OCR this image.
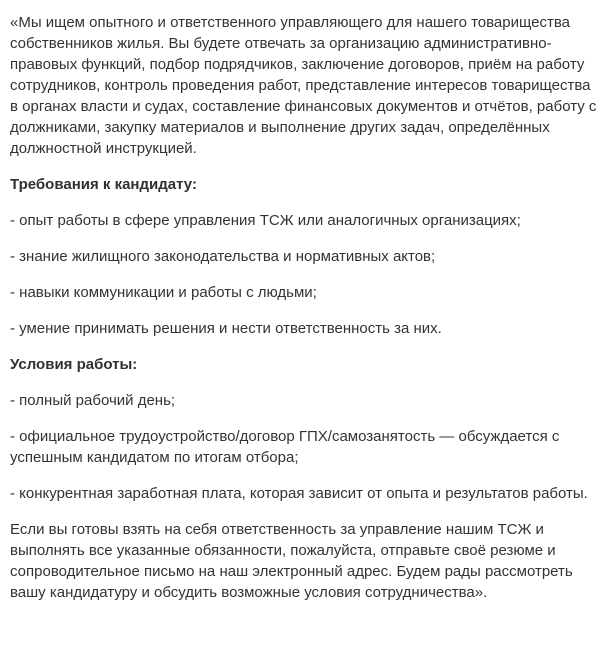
«Мы ищем опытного и ответственного управляющего для нашего товарищества собственников жилья. Вы будете отвечать за организацию административно-правовых функций, подбор подрядчиков, заключение договоров, приём на работу сотрудников, контроль проведения работ, представление интересов товарищества в органах власти и судах, составление финансовых документов и отчётов, работу с должниками, закупку материалов и выполнение других задач, определённых должностной инструкцией.

Требования к кандидату:

- опыт работы в сфере управления ТСЖ или аналогичных организациях;

- знание жилищного законодательства и нормативных актов;

- навыки коммуникации и работы с людьми;

- умение принимать решения и нести ответственность за них.

Условия работы:

- полный рабочий день;

- официальное трудоустройство/договор ГПХ/самозанятость — обсуждается с успешным кандидатом по итогам отбора;

- конкурентная заработная плата, которая зависит от опыта и результатов работы.

Если вы готовы взять на себя ответственность за управление нашим ТСЖ и выполнять все указанные обязанности, пожалуйста, отправьте своё резюме и сопроводительное письмо на наш электронный адрес. Будем рады рассмотреть вашу кандидатуру и обсудить возможные условия сотрудничества».
